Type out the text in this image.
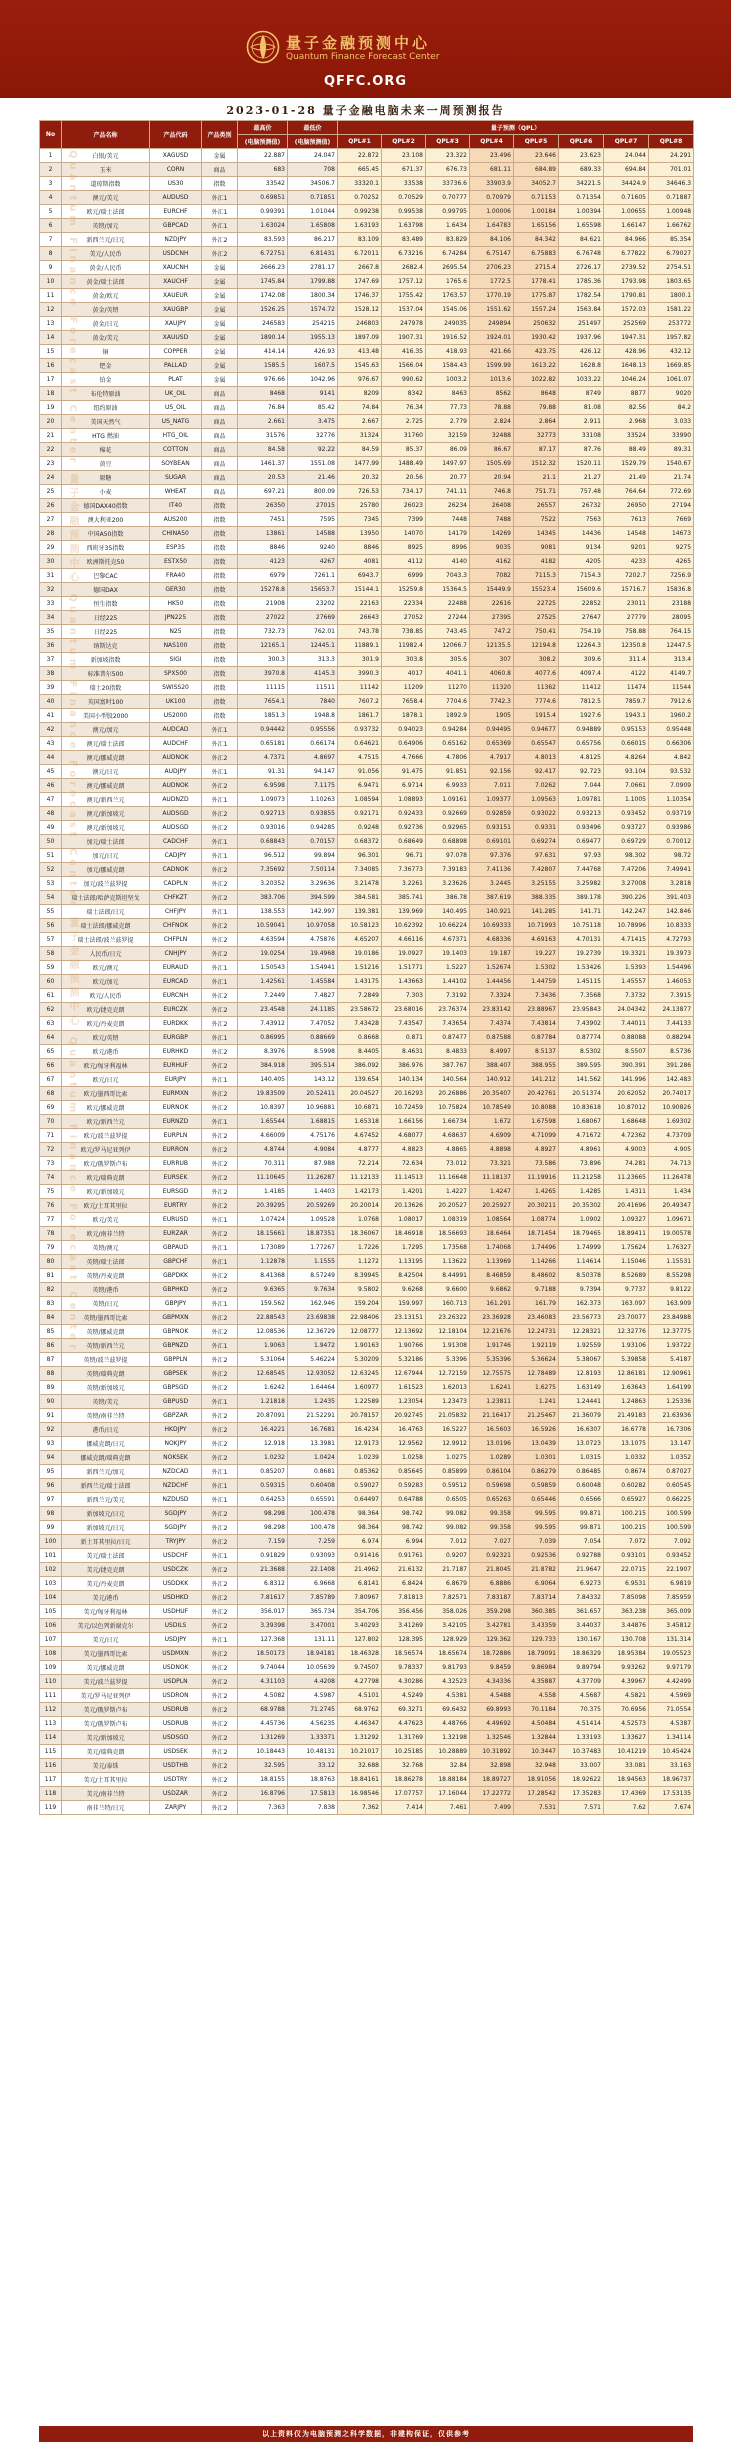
量子金融预测中心
Quantum Finance Forecast Center
QFFC.ORG
2023-01-28 量子金融电脑未来一周预测报告
No	产品名称	产品代码	产品类别	最高价	最低价	量子预测（QPL）							
				(电脑预测值)	(电脑预测值)	QPL#1	QPL#2	QPL#3	QPL#4	QPL#5	QPL#6	QPL#7	QPL#8
1	白银/美元	XAGUSD	金属	22.887	24.047	22.872	23.108	23.322	23.496	23.646	23.623	24.044	24.291
2	玉米	CORN	商品	683	708	665.45	671.37	676.73	681.11	684.89	689.33	694.84	701.01
3	道琼斯指数	US30	指数	33542	34506.7	33320.1	33538	33736.6	33903.9	34052.7	34221.5	34424.9	34646.3
4	澳元/美元	AUDUSD	外汇1	0.69851	0.71851	0.70252	0.70529	0.70777	0.70979	0.71153	0.71354	0.71605	0.71887
5	欧元/瑞士法郎	EURCHF	外汇1	0.99391	1.01044	0.99238	0.99538	0.99795	1.00006	1.00184	1.00394	1.00655	1.00948
6	英镑/加元	GBPCAD	外汇1	1.63024	1.65808	1.63193	1.63798	1.6434	1.64783	1.65156	1.65598	1.66147	1.66762
7	新西兰元/日元	NZDJPY	外汇2	83.593	86.217	83.109	83.489	83.829	84.106	84.342	84.621	84.966	85.354
8	美元/人民币	USDCNH	外汇2	6.72751	6.81431	6.72011	6.73216	6.74284	6.75147	6.75883	6.76748	6.77822	6.79027
9	黄金/人民币	XAUCNH	金属	2666.23	2781.17	2667.8	2682.4	2695.54	2706.23	2715.4	2726.17	2739.52	2754.51
10	黄金/瑞士法郎	XAUCHF	金属	1745.84	1799.88	1747.69	1757.12	1765.6	1772.5	1778.41	1785.36	1793.98	1803.65
11	黄金/欧元	XAUEUR	金属	1742.08	1800.34	1746.37	1755.42	1763.57	1770.19	1775.87	1782.54	1790.81	1800.1
12	黄金/英镑	XAUGBP	金属	1526.25	1574.72	1528.12	1537.04	1545.06	1551.62	1557.24	1563.84	1572.03	1581.22
13	黄金/日元	XAUJPY	金属	246583	254215	246803	247978	249035	249894	250632	251497	252569	253772
14	黄金/美元	XAUUSD	金属	1890.14	1955.13	1897.09	1907.31	1916.52	1924.01	1930.42	1937.96	1947.31	1957.82
15	铜	COPPER	金属	414.14	426.93	413.48	416.35	418.93	421.66	423.75	426.12	428.96	432.12
16	钯金	PALLAD	金属	1585.5	1607.5	1545.63	1566.04	1584.43	1599.99	1613.22	1628.8	1648.13	1669.85
17	铂金	PLAT	金属	976.66	1042.96	976.67	990.62	1003.2	1013.6	1022.82	1033.22	1046.24	1061.07
18	布伦特原油	UK_OIL	商品	8468	9141	8209	8342	8463	8562	8648	8749	8877	9020
19	纽约原油	US_OIL	商品	76.84	85.42	74.84	76.34	77.73	78.88	79.88	81.08	82.56	84.2
20	美国天然气	US_NATG	商品	2.661	3.475	2.667	2.725	2.779	2.824	2.864	2.911	2.968	3.033
21	HTG 燃油	HTG_OIL	商品	31576	32776	31324	31760	32159	32488	32773	33108	33524	33990
22	棉花	COTTON	商品	84.58	92.22	84.59	85.37	86.09	86.67	87.17	87.76	88.49	89.31
23	黄豆	SOYBEAN	商品	1461.37	1551.08	1477.99	1488.49	1497.97	1505.69	1512.32	1520.11	1529.79	1540.67
24	原糖	SUGAR	商品	20.53	21.46	20.32	20.56	20.77	20.94	21.1	21.27	21.49	21.74
25	小麦	WHEAT	商品	697.21	800.09	726.53	734.17	741.11	746.8	751.71	757.48	764.64	772.69
26	德国DAX40指数	IT40	指数	26350	27015	25780	26023	26234	26408	26557	26732	26950	27194
27	澳大利亚200	AUS200	指数	7451	7595	7345	7399	7448	7488	7522	7563	7613	7669
28	中国A50指数	CHINA50	指数	13861	14588	13950	14070	14179	14269	14345	14436	14548	14673
29	西班牙35指数	ESP35	指数	8846	9240	8846	8925	8996	9035	9081	9134	9201	9275
30	欧洲斯托克50	ESTX50	指数	4123	4267	4081	4112	4140	4162	4182	4205	4233	4265
31	巴黎CAC	FRA40	指数	6979	7261.1	6943.7	6999	7043.3	7082	7115.3	7154.3	7202.7	7256.9
32	德国DAX	GER30	指数	15278.8	15653.7	15144.1	15259.8	15364.5	15449.9	15523.4	15609.6	15716.7	15836.8
33	恒生指数	HK50	指数	21908	23202	22163	22334	22488	22616	22725	22852	23011	23188
34	日经225	JPN225	指数	27022	27669	26643	27052	27244	27395	27525	27647	27779	28095
35	日经225	N25	指数	732.73	762.01	743.78	738.85	743.45	747.2	750.41	754.19	758.88	764.15
36	纳斯达克	NAS100	指数	12165.1	12445.1	11889.1	11982.4	12066.7	12135.5	12194.8	12264.3	12350.8	12447.5
37	新加坡指数	SIGI	指数	300.3	313.3	301.9	303.8	305.6	307	308.2	309.6	311.4	313.4
38	标准普尔500	SPX500	指数	3970.8	4145.3	3990.3	4017	4041.1	4060.8	4077.6	4097.4	4122	4149.7
39	瑞士20指数	SWISS20	指数	11115	11511	11142	11209	11270	11320	11362	11412	11474	11544
40	英国富时100	UK100	指数	7654.1	7840	7607.2	7658.4	7704.6	7742.3	7774.6	7812.5	7859.7	7912.6
41	美国小型股2000	US2000	指数	1851.3	1948.8	1861.7	1878.1	1892.9	1905	1915.4	1927.6	1943.1	1960.2
42	澳元/加元	AUDCAD	外汇1	0.94442	0.95556	0.93732	0.94023	0.94284	0.94495	0.94677	0.94889	0.95153	0.95448
43	澳元/瑞士法郎	AUDCHF	外汇1	0.65181	0.66174	0.64621	0.64906	0.65162	0.65369	0.65547	0.65756	0.66015	0.66306
44	澳元/挪威克朗	AUDNOK	外汇2	4.7371	4.8697	4.7515	4.7666	4.7806	4.7917	4.8013	4.8125	4.8264	4.842
45	澳元/日元	AUDJPY	外汇1	91.31	94.147	91.056	91.475	91.851	92.156	92.417	92.723	93.104	93.532
46	澳元/挪威克朗	AUDNOK	外汇2	6.9598	7.1175	6.9471	6.9714	6.9933	7.011	7.0262	7.044	7.0661	7.0909
47	澳元/新西兰元	AUDNZD	外汇1	1.09073	1.10263	1.08594	1.08893	1.09161	1.09377	1.09563	1.09781	1.1005	1.10354
48	澳元/新加坡元	AUDSGD	外汇2	0.92713	0.93855	0.92171	0.92433	0.92669	0.92859	0.93022	0.93213	0.93452	0.93719
49	澳元/新加坡元	AUDSGD	外汇2	0.93016	0.94285	0.9248	0.92736	0.92965	0.93151	0.9331	0.93496	0.93727	0.93986
50	加元/瑞士法郎	CADCHF	外汇1	0.68843	0.70157	0.68372	0.68649	0.68898	0.69101	0.69274	0.69477	0.69729	0.70012
51	加元/日元	CADJPY	外汇1	96.512	99.894	96.301	96.71	97.078	97.376	97.631	97.93	98.302	98.72
52	加元/挪威克朗	CADNOK	外汇2	7.35692	7.50114	7.34085	7.36773	7.39183	7.41136	7.42807	7.44768	7.47206	7.49941
53	加元/波兰兹罗提	CADPLN	外汇2	3.20352	3.29636	3.21478	3.2261	3.23626	3.2445	3.25155	3.25982	3.27008	3.2818
54	瑞士法郎/哈萨克斯坦坚戈	CHFKZT	外汇2	383.706	394.599	384.581	385.741	386.78	387.619	388.335	389.178	390.226	391.403
55	瑞士法郎/日元	CHFJPY	外汇1	138.553	142.997	139.381	139.969	140.495	140.921	141.285	141.71	142.247	142.846
56	瑞士法郎/挪威克朗	CHFNOK	外汇2	10.59041	10.97058	10.58123	10.62392	10.66224	10.69333	10.71993	10.75118	10.78996	10.8333
57	瑞士法郎/波兰兹罗提	CHFPLN	外汇2	4.63594	4.75876	4.65207	4.66116	4.67371	4.68336	4.69163	4.70131	4.71415	4.72793
58	人民币/日元	CNHJPY	外汇2	19.0254	19.4968	19.0186	19.0927	19.1403	19.187	19.227	19.2739	19.3321	19.3973
59	欧元/澳元	EURAUD	外汇1	1.50543	1.54941	1.51216	1.51771	1.5227	1.52674	1.5302	1.53426	1.5393	1.54496
60	欧元/加元	EURCAD	外汇1	1.42561	1.45584	1.43175	1.43663	1.44102	1.44456	1.44759	1.45115	1.45557	1.46053
61	欧元/人民币	EURCNH	外汇2	7.2449	7.4827	7.2849	7.303	7.3192	7.3324	7.3436	7.3568	7.3732	7.3915
62	欧元/捷克克朗	EURCZK	外汇2	23.4548	24.1185	23.58672	23.68016	23.76374	23.83142	23.88967	23.95843	24.04342	24.13877
63	欧元/丹麦克朗	EURDKK	外汇2	7.43912	7.47052	7.43428	7.43547	7.43654	7.4374	7.43814	7.43902	7.44011	7.44133
64	欧元/英镑	EURGBP	外汇1	0.86995	0.88669	0.8668	0.871	0.87477	0.87588	0.87784	0.87774	0.88088	0.88294
65	欧元/港币	EURHKD	外汇2	8.3976	8.5998	8.4405	8.4631	8.4833	8.4997	8.5137	8.5302	8.5507	8.5736
66	欧元/匈牙利福林	EURHUF	外汇2	384.918	395.514	386.092	386.976	387.767	388.407	388.955	389.595	390.391	391.286
67	欧元/日元	EURJPY	外汇1	140.405	143.12	139.654	140.134	140.564	140.912	141.212	141.562	141.996	142.483
68	欧元/墨西哥比索	EURMXN	外汇2	19.83509	20.52411	20.04527	20.16293	20.26886	20.35407	20.42761	20.51374	20.62052	20.74017
69	欧元/挪威克朗	EURNOK	外汇2	10.8397	10.96881	10.6871	10.72459	10.75824	10.78549	10.8088	10.83618	10.87012	10.90826
70	欧元/新西兰元	EURNZD	外汇1	1.65544	1.68815	1.65318	1.66156	1.66734	1.672	1.67598	1.68067	1.68648	1.69302
71	欧元/波兰兹罗提	EURPLN	外汇2	4.66009	4.75176	4.67452	4.68077	4.68637	4.6909	4.71099	4.71672	4.72362	4.73709
72	欧元/罗马尼亚列伊	EURRON	外汇2	4.8744	4.9084	4.8777	4.8823	4.8865	4.8898	4.8927	4.8961	4.9003	4.905
73	欧元/俄罗斯卢布	EURRUB	外汇2	70.311	87.988	72.214	72.634	73.012	73.321	73.586	73.896	74.281	74.713
74	欧元/瑞典克朗	EURSEK	外汇2	11.10645	11.26287	11.12133	11.14513	11.16648	11.18137	11.19916	11.21258	11.23665	11.26478
75	欧元/新加坡元	EURSGD	外汇2	1.4185	1.4403	1.42173	1.4201	1.4227	1.4247	1.4265	1.4285	1.4311	1.434
76	欧元/土耳其里拉	EURTRY	外汇2	20.39295	20.59269	20.20014	20.13626	20.20527	20.25927	20.30211	20.35302	20.41696	20.49347
77	欧元/美元	EURUSD	外汇1	1.07424	1.09528	1.0768	1.08017	1.08319	1.08564	1.08774	1.0902	1.09327	1.09671
78	欧元/南非兰特	EURZAR	外汇2	18.15661	18.87351	18.36067	18.46918	18.56693	18.6464	18.71454	18.79465	18.89411	19.00578
79	英镑/澳元	GBPAUD	外汇1	1.73089	1.77267	1.7226	1.7295	1.73568	1.74068	1.74496	1.74999	1.75624	1.76327
80	英镑/瑞士法郎	GBPCHF	外汇1	1.12878	1.1555	1.1272	1.13195	1.13622	1.13969	1.14266	1.14614	1.15046	1.15531
81	英镑/丹麦克朗	GBPDKK	外汇2	8.41368	8.57249	8.39945	8.42504	8.44991	8.46859	8.48602	8.50378	8.52689	8.55298
82	英镑/港币	GBPHKD	外汇2	9.6365	9.7634	9.5802	9.6268	9.6600	9.6862	9.7188	9.7394	9.7737	9.8122
83	英镑/日元	GBPJPY	外汇1	159.562	162.946	159.204	159.997	160.713	161.291	161.79	162.373	163.097	163.909
84	英镑/墨西哥比索	GBPMXN	外汇2	22.88543	23.69838	22.98406	23.13151	23.26322	23.36928	23.46083	23.56773	23.70077	23.84988
85	英镑/挪威克朗	GBPNOK	外汇2	12.08536	12.36729	12.08777	12.13692	12.18104	12.21676	12.24731	12.28321	12.32776	12.37775
86	英镑/新西兰元	GBPNZD	外汇1	1.9063	1.9472	1.90163	1.90766	1.91308	1.91746	1.92119	1.92559	1.93106	1.93722
87	英镑/波兰兹罗提	GBPPLN	外汇2	5.31064	5.46224	5.30209	5.32186	5.3396	5.35396	5.36624	5.38067	5.39858	5.4187
88	英镑/瑞典克朗	GBPSEK	外汇2	12.68545	12.93052	12.63245	12.67944	12.72159	12.75575	12.78489	12.8193	12.86181	12.90961
89	英镑/新加坡元	GBPSGD	外汇2	1.6242	1.64464	1.60977	1.61523	1.62013	1.6241	1.6275	1.63149	1.63643	1.64199
90	英镑/美元	GBPUSD	外汇1	1.21818	1.2435	1.22589	1.23054	1.23473	1.23811	1.241	1.24441	1.24863	1.25336
91	英镑/南非兰特	GBPZAR	外汇2	20.87091	21.52291	20.78157	20.92745	21.05832	21.16417	21.25467	21.36079	21.49183	21.63936
92	港币/日元	HKDJPY	外汇2	16.4221	16.7681	16.4234	16.4763	16.5227	16.5603	16.5926	16.6307	16.6778	16.7306
93	挪威克朗/日元	NOKJPY	外汇2	12.918	13.3981	12.9173	12.9562	12.9912	13.0196	13.0439	13.0723	13.1075	13.147
94	挪威克朗/瑞典克朗	NOKSEK	外汇2	1.0232	1.0424	1.0239	1.0258	1.0275	1.0289	1.0301	1.0315	1.0332	1.0352
95	新西兰元/加元	NZDCAD	外汇1	0.85207	0.8681	0.85362	0.85645	0.85899	0.86104	0.86279	0.86485	0.8674	0.87027
96	新西兰元/瑞士法郎	NZDCHF	外汇1	0.59315	0.60408	0.59027	0.59283	0.59512	0.59698	0.59859	0.60048	0.60282	0.60545
97	新西兰元/美元	NZDUSD	外汇1	0.64253	0.65591	0.64497	0.64788	0.6505	0.65263	0.65446	0.6566	0.65927	0.66225
98	新加坡元/日元	SGDJPY	外汇2	98.298	100.478	98.364	98.742	99.082	99.358	99.595	99.871	100.215	100.599
99	新加坡元/日元	SGDJPY	外汇2	98.298	100.478	98.364	98.742	99.082	99.358	99.595	99.871	100.215	100.599
100	新土耳其里拉/日元	TRYJPY	外汇2	7.159	7.259	6.974	6.994	7.012	7.027	7.039	7.054	7.072	7.092
101	美元/瑞士法郎	USDCHF	外汇1	0.91829	0.93093	0.91416	0.91761	0.9207	0.92321	0.92536	0.92788	0.93101	0.93452
102	美元/捷克克朗	USDCZK	外汇2	21.3688	22.1408	21.4962	21.6132	21.7187	21.8045	21.8782	21.9647	22.0715	22.1907
103	美元/丹麦克朗	USDDKK	外汇2	6.8312	6.9668	6.8141	6.8424	6.8679	6.8886	6.9064	6.9273	6.9531	6.9819
104	美元/港币	USDHKD	外汇2	7.81617	7.85789	7.80967	7.81813	7.82571	7.83187	7.83714	7.84332	7.85098	7.85959
105	美元/匈牙利福林	USDHUF	外汇2	356.017	365.734	354.706	356.456	358.026	359.298	360.385	361.657	363.238	365.009
106	美元/以色列新谢克尔	USDILS	外汇2	3.39398	3.47001	3.40293	3.41269	3.42105	3.42781	3.43359	3.44037	3.44876	3.45812
107	美元/日元	USDJPY	外汇1	127.368	131.11	127.802	128.395	128.929	129.362	129.733	130.167	130.708	131.314
108	美元/墨西哥比索	USDMXN	外汇2	18.50173	18.94181	18.46328	18.56574	18.65674	18.72886	18.79091	18.86329	18.95384	19.05523
109	美元/挪威克朗	USDNOK	外汇2	9.74044	10.05639	9.74507	9.78337	9.81793	9.8459	9.86984	9.89794	9.93262	9.97179
110	美元/波兰兹罗提	USDPLN	外汇2	4.31103	4.4208	4.27798	4.30286	4.32523	4.34336	4.35887	4.37709	4.39967	4.42499
111	美元/罗马尼亚列伊	USDRON	外汇2	4.5082	4.5987	4.5101	4.5249	4.5381	4.5488	4.558	4.5687	4.5821	4.5969
112	美元/俄罗斯卢布	USDRUB	外汇2	68.9788	71.2745	68.9762	69.3271	69.6432	69.8993	70.1184	70.375	70.6956	71.0554
113	美元/俄罗斯卢布	USDRUB	外汇2	4.45736	4.56235	4.46347	4.47623	4.48766	4.49692	4.50484	4.51414	4.52573	4.5387
114	美元/新加坡元	USDSGD	外汇2	1.31269	1.33371	1.31292	1.31769	1.32198	1.32546	1.32844	1.33193	1.33627	1.34114
115	美元/瑞典克朗	USDSEK	外汇2	10.18443	10.48131	10.21017	10.25185	10.28889	10.31892	10.3447	10.37483	10.41219	10.45424
116	美元/泰铢	USDTHB	外汇2	32.595	33.12	32.688	32.768	32.84	32.898	32.948	33.007	33.081	33.163
117	美元/土耳其里拉	USDTRY	外汇2	18.8155	18.8763	18.84161	18.86278	18.88184	18.89727	18.91056	18.92622	18.94563	18.96737
118	美元/南非兰特	USDZAR	外汇2	16.8796	17.5813	16.98546	17.07757	17.16044	17.22772	17.28542	17.35283	17.4369	17.53135
119	南非兰特/日元	ZARJPY	外汇2	7.363	7.838	7.362	7.414	7.461	7.499	7.531	7.571	7.62	7.674
Quantum Finance Forecast Center 量子金融预测中心 Quantum Finance Forecast Center 量子金融预测中心 Quantum Finance Forecast Center
以上资料仅为电脑预测之科学数据，非建构保证，仅供参考
